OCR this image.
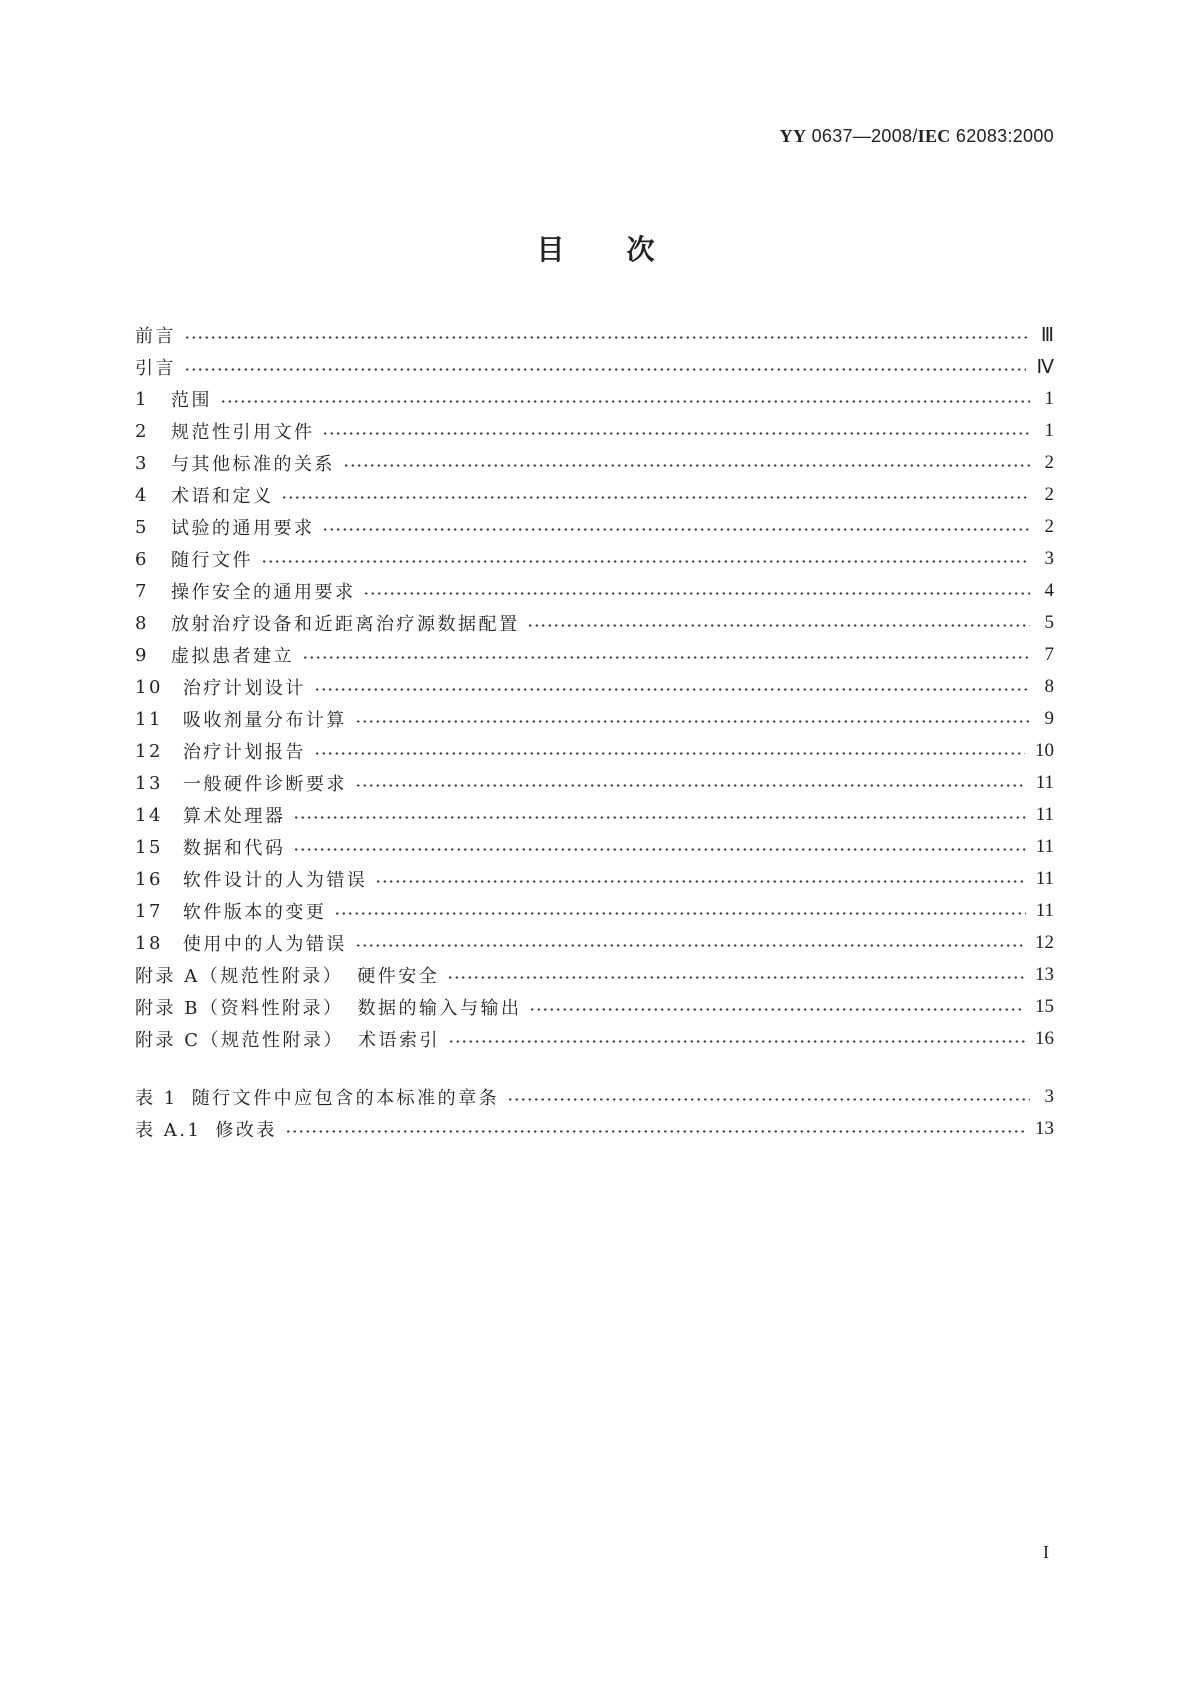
YY 0637—2008/IEC 62083:2000
目次
前言	Ⅲ
引言	Ⅳ
1 范围	1
2 规范性引用文件	1
3 与其他标准的关系	2
4 术语和定义	2
5 试验的通用要求	2
6 随行文件	3
7 操作安全的通用要求	4
8 放射治疗设备和近距离治疗源数据配置	5
9 虚拟患者建立	7
10 治疗计划设计	8
11 吸收剂量分布计算	9
12 治疗计划报告	10
13 一般硬件诊断要求	11
14 算术处理器	11
15 数据和代码	11
16 软件设计的人为错误	11
17 软件版本的变更	11
18 使用中的人为错误	12
附录 A（规范性附录） 硬件安全	13
附录 B（资料性附录） 数据的输入与输出	15
附录 C（规范性附录） 术语索引	16
表 1 随行文件中应包含的本标准的章条	3
表 A.1 修改表	13
I
